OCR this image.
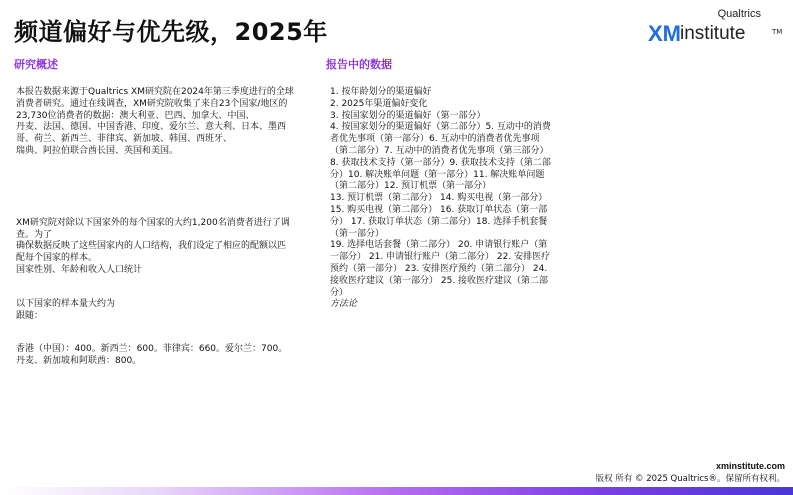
频道偏好与优先级，2025年
Qualtrics
XM institute	TM
研究概述	报告中的数据

本报告数据来源于Qualtrics XM研究院在2024年第三季度进行的全球消费者研究。通过在线调查，XM研究院收集了来自23个国家/地区的23,730位消费者的数据：澳大利亚、巴西、加拿大、中国、

丹麦、法国、德国、中国香港、印度、爱尔兰、意大利、日本、墨西哥、荷兰、新西兰、菲律宾、新加坡、韩国、西班牙、

瑞典、阿拉伯联合酋长国、英国和美国。

XM研究院对除以下国家外的每个国家的大约1,200名消费者进行了调查。为了

确保数据反映了这些国家内的人口结构，我们设定了相应的配额以匹配每个国家的样本。

国家性别、年龄和收入人口统计

以下国家的样本量大约为

跟随：

香港（中国）：400。新西兰：600。菲律宾：660。爱尔兰：700。丹麦、新加坡和阿联酋：800。

1. 按年龄划分的渠道偏好

2. 2025年渠道偏好变化

3. 按国家划分的渠道偏好（第一部分）

4. 按国家划分的渠道偏好（第二部分）5. 互动中的消费者优先事项（第一部分）6. 互动中的消费者优先事项（第二部分）7. 互动中的消费者优先事项（第三部分）8. 获取技术支持（第一部分）9. 获取技术支持（第二部分）10. 解决账单问题（第一部分）11. 解决账单问题（第二部分）12. 预订机票（第一部分）

13. 预订机票（第二部分） 14. 购买电视（第一部分） 15. 购买电视（第二部分） 16. 获取订单状态（第一部分） 17. 获取订单状态（第二部分）18. 选择手机套餐（第一部分）

19. 选择电话套餐（第二部分） 20. 申请银行账户（第一部分） 21. 申请银行账户（第二部分） 22. 安排医疗预约（第一部分） 23. 安排医疗预约（第二部分） 24. 接收医疗建议（第一部分） 25. 接收医疗建议（第二部分）

方法论

xminstitute.com
版权 所有 © 2025 Qualtrics®。保留所有权利。
